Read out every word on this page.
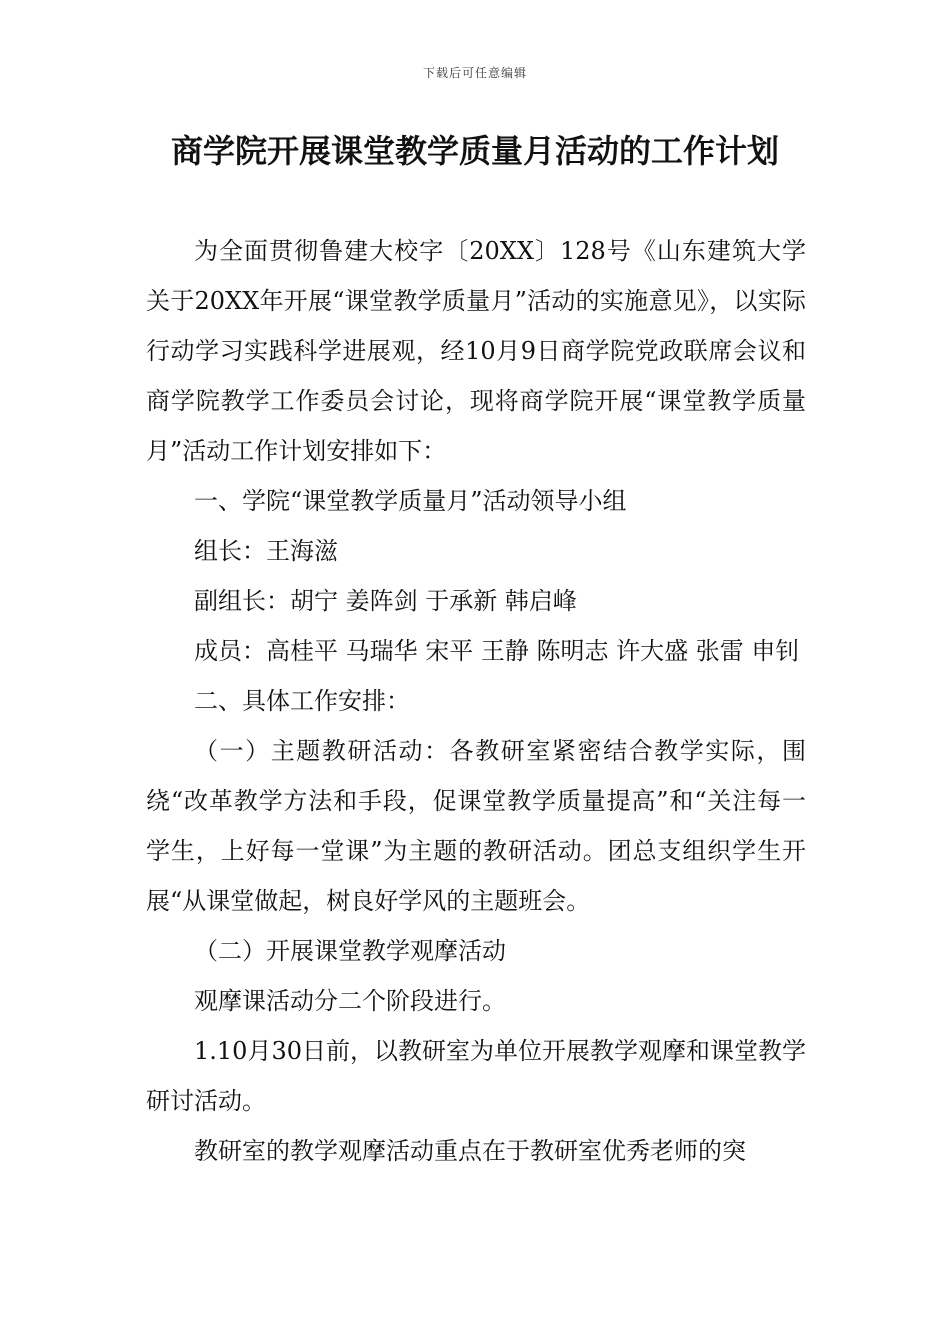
下载后可任意编辑
商学院开展课堂教学质量月活动的工作计划

为全面贯彻鲁建大校字〔20XX〕128号《山东建筑大学关于20XX年开展“课堂教学质量月”活动的实施意见》，以实际行动学习实践科学进展观，经10月9日商学院党政联席会议和商学院教学工作委员会讨论，现将商学院开展“课堂教学质量月”活动工作计划安排如下：

一、学院“课堂教学质量月”活动领导小组

组长：王海滋

副组长：胡宁 姜阵剑 于承新 韩启峰

成员：高桂平 马瑞华 宋平 王静 陈明志 许大盛 张雷 申钊

二、具体工作安排：

（一）主题教研活动：各教研室紧密结合教学实际，围绕“改革教学方法和手段，促课堂教学质量提高”和“关注每一学生，上好每一堂课”为主题的教研活动。团总支组织学生开展“从课堂做起，树良好学风的主题班会。

（二）开展课堂教学观摩活动

观摩课活动分二个阶段进行。

1.10月30日前，以教研室为单位开展教学观摩和课堂教学研讨活动。

教研室的教学观摩活动重点在于教研室优秀老师的突
